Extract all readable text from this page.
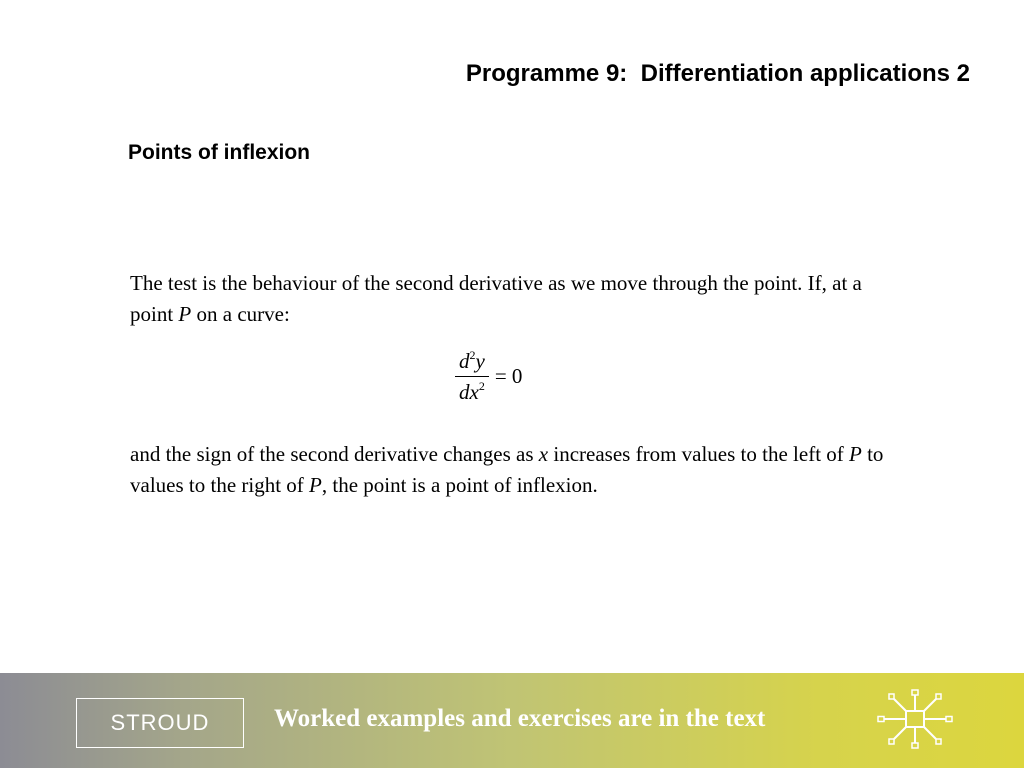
Programme 9:  Differentiation applications 2
Points of inflexion
The test is the behaviour of the second derivative as we move through the point. If, at a point P on a curve:
$\frac{d^2y}{dx^2} = 0$
and the sign of the second derivative changes as x increases from values to the left of P to values to the right of P, the point is a point of inflexion.
STROUD	Worked examples and exercises are in the text
